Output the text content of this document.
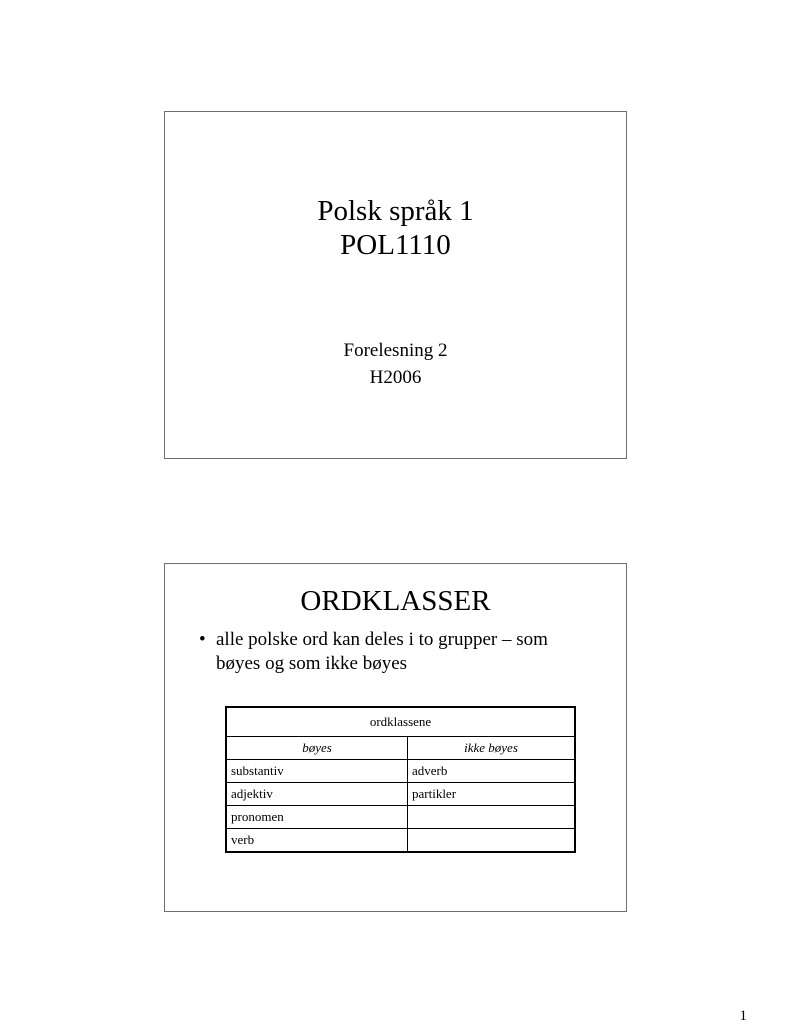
Polsk språk 1
POL1110
Forelesning 2
H2006
ORDKLASSER
• alle polske ord kan deles i to grupper – som bøyes og som ikke bøyes
ordklassene	
bøyes	ikke bøyes
substantiv	adverb
adjektiv	partikler
pronomen	
verb	
1
